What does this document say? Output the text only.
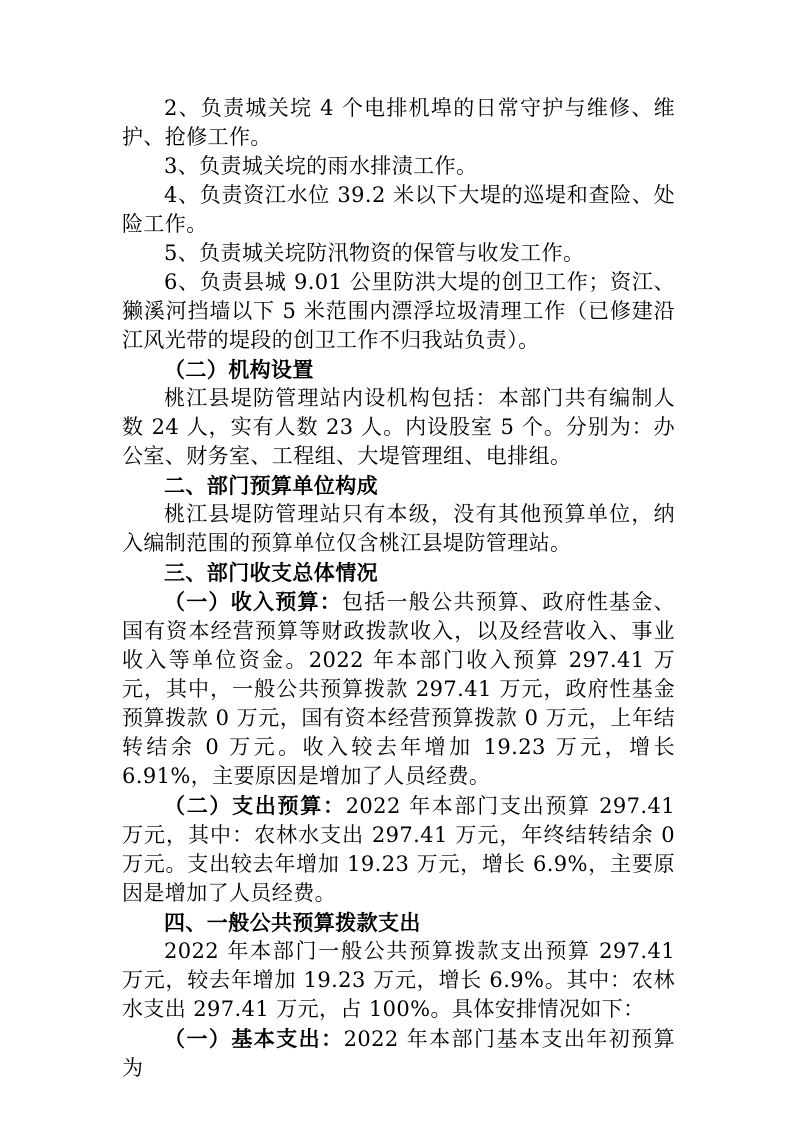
2、负责城关垸 4 个电排机埠的日常守护与维修、维护、抢修工作。

3、负责城关垸的雨水排渍工作。

4、负责资江水位 39.2 米以下大堤的巡堤和查险、处险工作。

5、负责城关垸防汛物资的保管与收发工作。

6、负责县城 9.01 公里防洪大堤的创卫工作；资江、獭溪河挡墙以下 5 米范围内漂浮垃圾清理工作（已修建沿江风光带的堤段的创卫工作不归我站负责）。

（二）机构设置

桃江县堤防管理站内设机构包括：本部门共有编制人数 24 人，实有人数 23 人。内设股室 5 个。分别为：办公室、财务室、工程组、大堤管理组、电排组。

二、部门预算单位构成

桃江县堤防管理站只有本级，没有其他预算单位，纳入编制范围的预算单位仅含桃江县堤防管理站。

三、部门收支总体情况

（一）收入预算：包括一般公共预算、政府性基金、国有资本经营预算等财政拨款收入，以及经营收入、事业收入等单位资金。2022 年本部门收入预算 297.41 万元，其中，一般公共预算拨款 297.41 万元，政府性基金预算拨款 0 万元，国有资本经营预算拨款 0 万元，上年结转结余 0 万元。收入较去年增加 19.23 万元，增长 6.91%，主要原因是增加了人员经费。

（二）支出预算：2022 年本部门支出预算 297.41 万元，其中：农林水支出 297.41 万元，年终结转结余 0 万元。支出较去年增加 19.23 万元，增长 6.9%，主要原因是增加了人员经费。

四、一般公共预算拨款支出

2022 年本部门一般公共预算拨款支出预算 297.41 万元，较去年增加 19.23 万元，增长 6.9%。其中：农林水支出 297.41 万元，占 100%。具体安排情况如下：

（一）基本支出：2022 年本部门基本支出年初预算为
